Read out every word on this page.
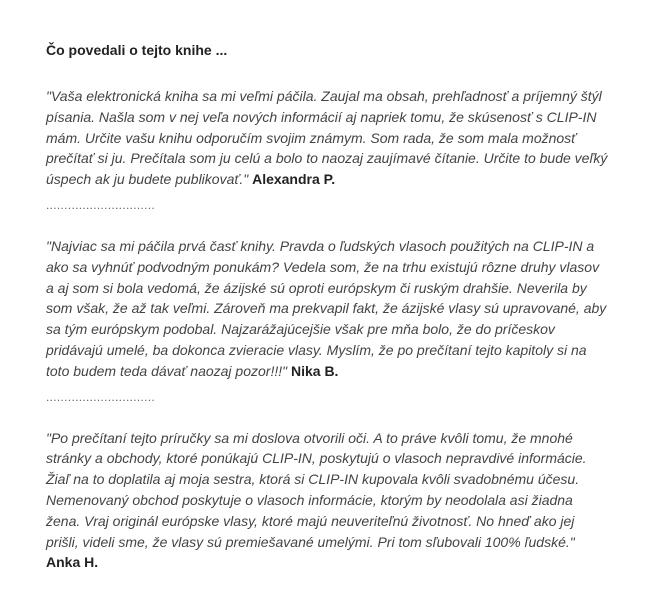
Čo povedali o tejto knihe ...

"Vaša elektronická kniha sa mi veľmi páčila. Zaujal ma obsah, prehľadnosť a príjemný štýl písania. Našla som v nej veľa nových informácií aj napriek tomu, že skúsenosť s CLIP-IN mám. Určite vašu knihu odporučím svojim známym. Som rada, že som mala možnosť prečítať si ju. Prečítala som ju celú a bolo to naozaj zaujímavé čítanie. Určite to bude veľký úspech ak ju budete publikovať." Alexandra P.

..............................

"Najviac sa mi páčila prvá časť knihy. Pravda o ľudských vlasoch použitých na CLIP-IN a ako sa vyhnúť podvodným ponukám? Vedela som, že na trhu existujú rôzne druhy vlasov a aj som si bola vedomá, že ázijské sú oproti európskym či ruským drahšie. Neverila by som však, že až tak veľmi. Zároveň ma prekvapil fakt, že ázijské vlasy sú upravované, aby sa tým európskym podobal. Najzarážajúcejšie však pre mňa bolo, že do príčeskov pridávajú umelé, ba dokonca zvieracie vlasy. Myslím, že po prečítaní tejto kapitoly si na toto budem teda dávať naozaj pozor!!!" Nika B.

..............................

"Po prečítaní tejto príručky sa mi doslova otvorili oči. A to práve kvôli tomu, že mnohé stránky a obchody, ktoré ponúkajú CLIP-IN, poskytujú o vlasoch nepravdivé informácie. Žiaľ na to doplatila aj moja sestra, ktorá si CLIP-IN kupovala kvôli svadobnému účesu. Nemenovaný obchod poskytuje o vlasoch informácie, ktorým by neodolala asi žiadna žena. Vraj originál európske vlasy, ktoré majú neuveriteľnú životnosť. No hneď ako jej prišli, videli sme, že vlasy sú premiešavané umelými. Pri tom sľubovali 100% ľudské." Anka H.
